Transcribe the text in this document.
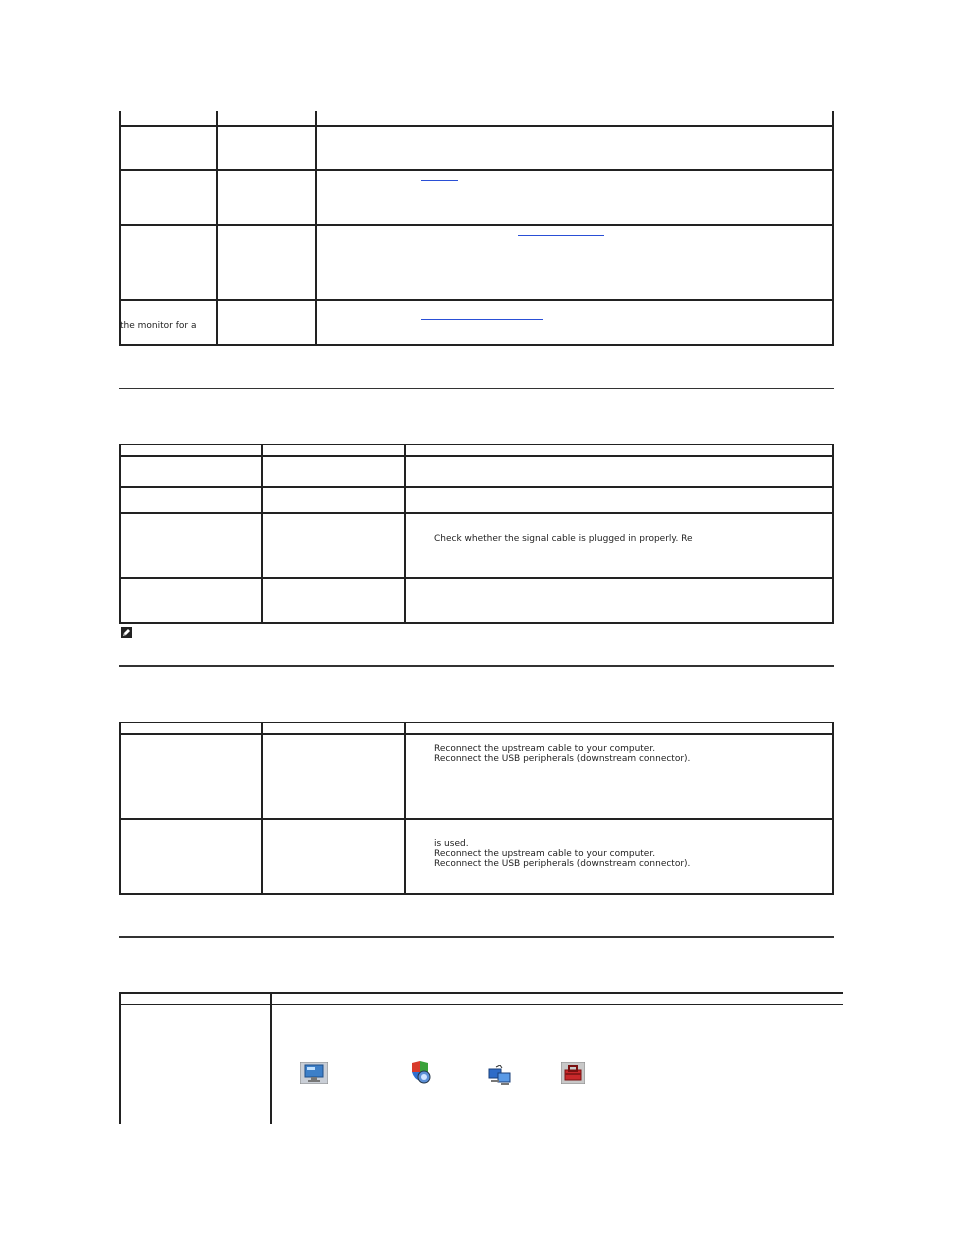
the monitor for a
Check whether the signal cable is plugged in properly. Re
Reconnect the upstream cable to your computer.
Reconnect the USB peripherals (downstream connector).
is used.
Reconnect the upstream cable to your computer.
Reconnect the USB peripherals (downstream connector).
